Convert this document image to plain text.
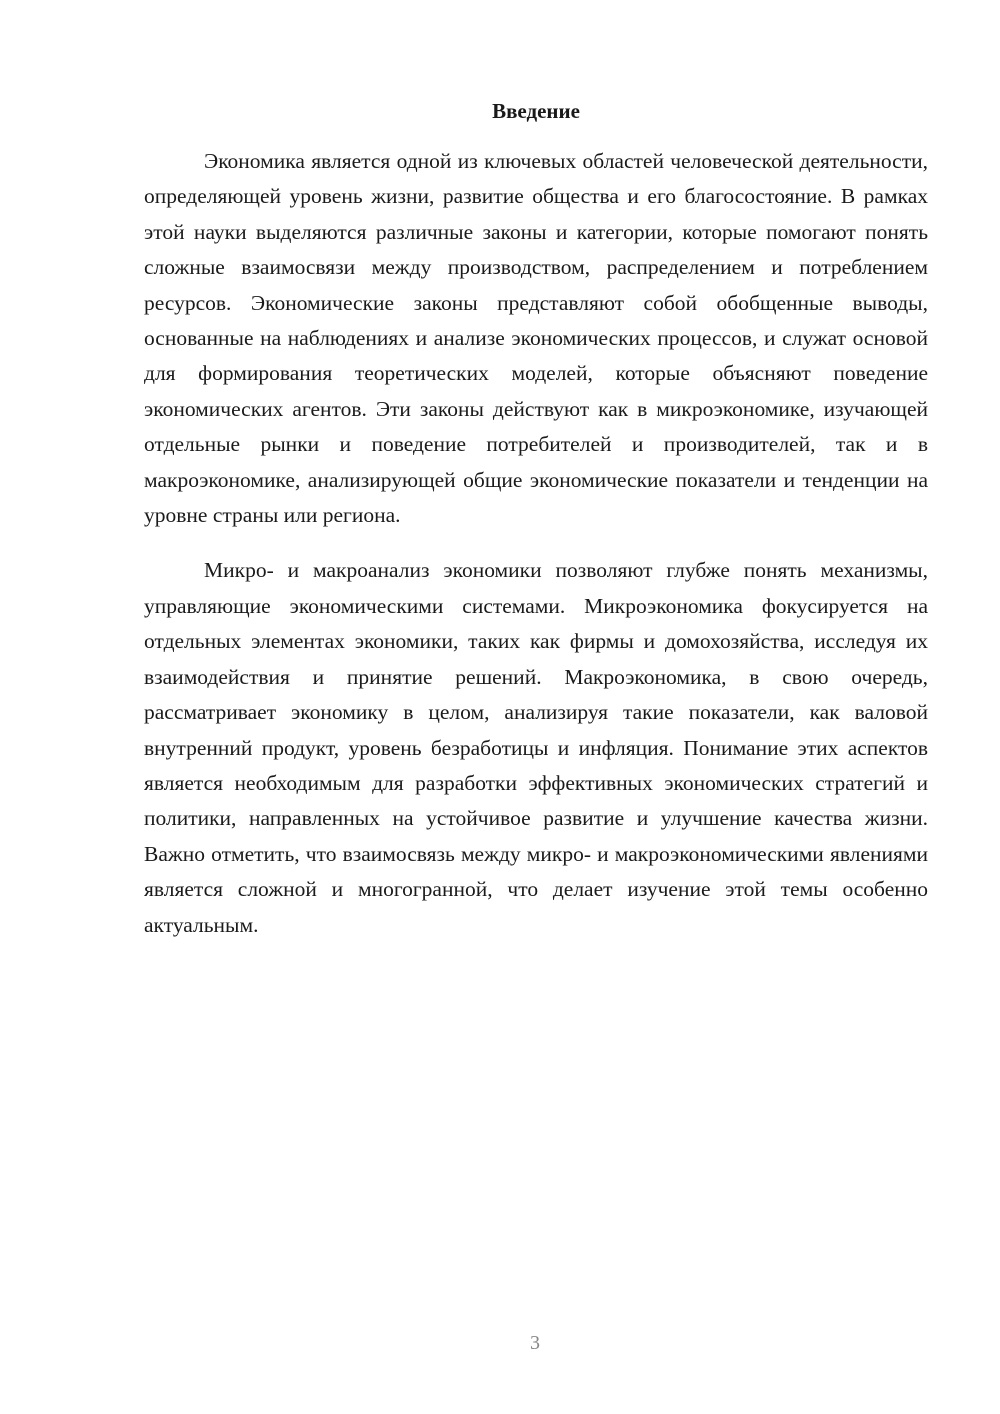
Введение

Экономика является одной из ключевых областей человеческой деятельности, определяющей уровень жизни, развитие общества и его благосостояние. В рамках этой науки выделяются различные законы и категории, которые помогают понять сложные взаимосвязи между производством, распределением и потреблением ресурсов. Экономические законы представляют собой обобщенные выводы, основанные на наблюдениях и анализе экономических процессов, и служат основой для формирования теоретических моделей, которые объясняют поведение экономических агентов. Эти законы действуют как в микроэкономике, изучающей отдельные рынки и поведение потребителей и производителей, так и в макроэкономике, анализирующей общие экономические показатели и тенденции на уровне страны или региона.

Микро- и макроанализ экономики позволяют глубже понять механизмы, управляющие экономическими системами. Микроэкономика фокусируется на отдельных элементах экономики, таких как фирмы и домохозяйства, исследуя их взаимодействия и принятие решений. Макроэкономика, в свою очередь, рассматривает экономику в целом, анализируя такие показатели, как валовой внутренний продукт, уровень безработицы и инфляция. Понимание этих аспектов является необходимым для разработки эффективных экономических стратегий и политики, направленных на устойчивое развитие и улучшение качества жизни. Важно отметить, что взаимосвязь между микро- и макроэкономическими явлениями является сложной и многогранной, что делает изучение этой темы особенно актуальным.

3
